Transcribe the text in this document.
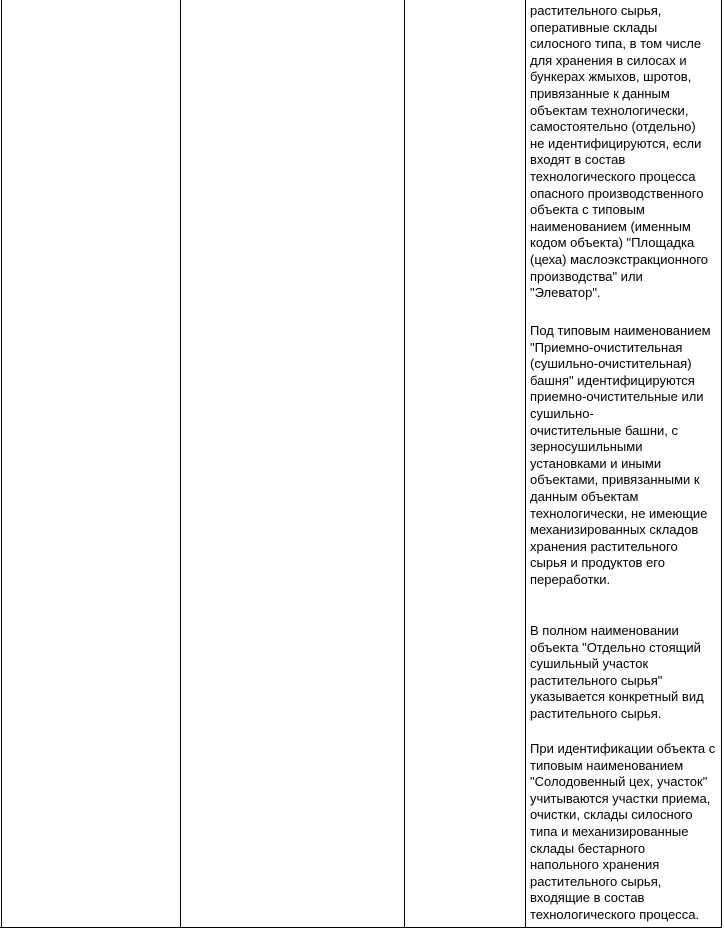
растительного сырья,
оперативные склады
силосного типа, в том числе
для хранения в силосах и
бункерах жмыхов, шротов,
привязанные к данным
объектам технологически,
самостоятельно (отдельно)
не идентифицируются, если
входят в состав
технологического процесса
опасного производственного
объекта с типовым
наименованием (именным
кодом объекта) "Площадка
(цеха) маслоэкстракционного
производства" или
"Элеватор".

Под типовым наименованием
"Приемно-очистительная
(сушильно-очистительная)
башня" идентифицируются
приемно-очистительные или
сушильно-
очистительные башни, с
зерносушильными
установками и иными
объектами, привязанными к
данным объектам
технологически, не имеющие
механизированных складов
хранения растительного
сырья и продуктов его
переработки.

В полном наименовании
объекта "Отдельно стоящий
сушильный участок
растительного сырья"
указывается конкретный вид
растительного сырья.

При идентификации объекта с
типовым наименованием
"Солодовенный цех, участок"
учитываются участки приема,
очистки, склады силосного
типа и механизированные
склады бестарного
напольного хранения
растительного сырья,
входящие в состав
технологического процесса.
